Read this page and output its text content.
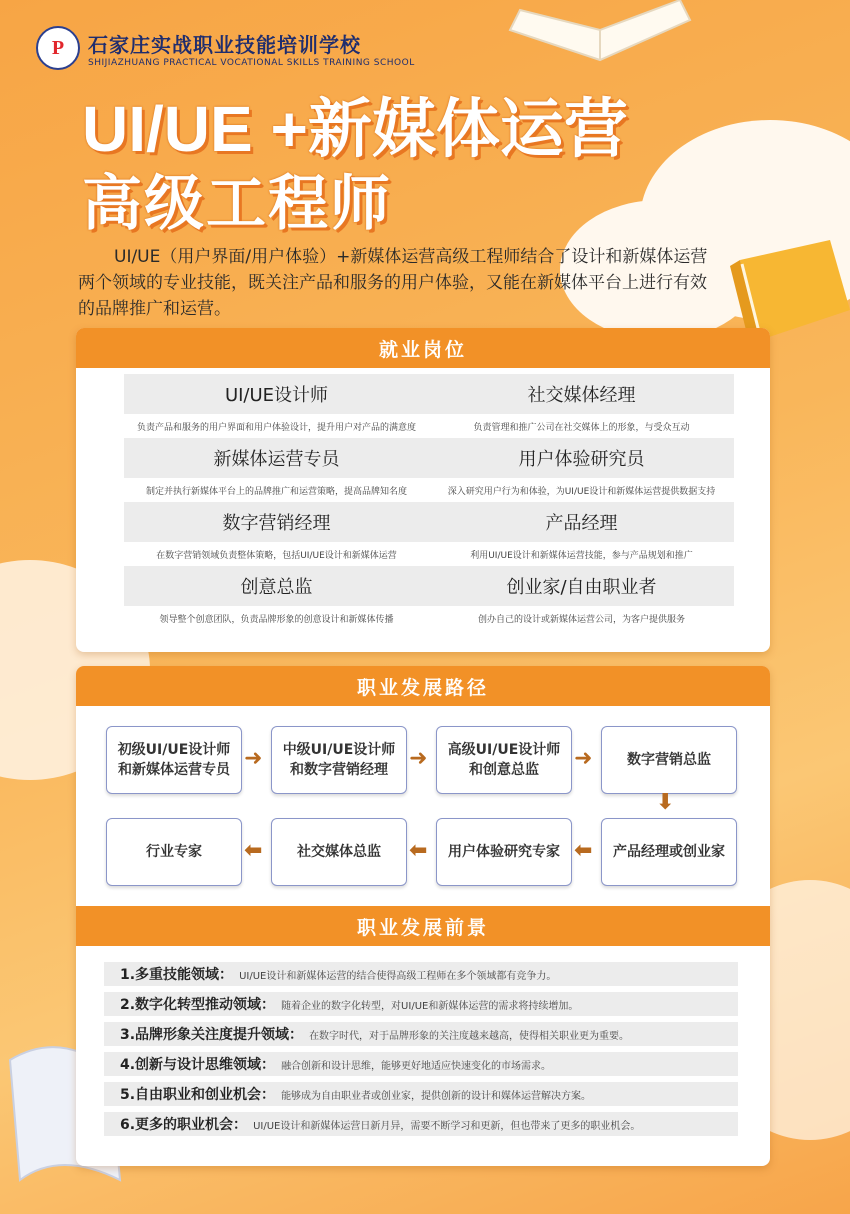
P 石家庄实战职业技能培训学校
SHIJIAZHUANG PRACTICAL VOCATIONAL SKILLS TRAINING SCHOOL
UI/UE +新媒体运营
高级工程师
UI/UE（用户界面/用户体验）+新媒体运营高级工程师结合了设计和新媒体运营两个领域的专业技能，既关注产品和服务的用户体验，又能在新媒体平台上进行有效的品牌推广和运营。
就业岗位
UI/UE设计师	社交媒体经理
负责产品和服务的用户界面和用户体验设计，提升用户对产品的满意度	负责管理和推广公司在社交媒体上的形象，与受众互动
新媒体运营专员	用户体验研究员
制定并执行新媒体平台上的品牌推广和运营策略，提高品牌知名度	深入研究用户行为和体验，为UI/UE设计和新媒体运营提供数据支持
数字营销经理	产品经理
在数字营销领域负责整体策略，包括UI/UE设计和新媒体运营	利用UI/UE设计和新媒体运营技能，参与产品规划和推广
创意总监	创业家/自由职业者
领导整个创意团队，负责品牌形象的创意设计和新媒体传播	创办自己的设计或新媒体运营公司，为客户提供服务
职业发展路径
初级UI/UE设计师
和新媒体运营专员 ➜ 中级UI/UE设计师
和数字营销经理 ➜ 高级UI/UE设计师
和创意总监	➜ 数字营销总监
⬇
产品经理或创业家
⬅
用户体验研究专家
⬅
社交媒体总监
⬅
行业专家
职业发展前景
1.多重技能领域： UI/UE设计和新媒体运营的结合使得高级工程师在多个领域都有竞争力。
2.数字化转型推动领域： 随着企业的数字化转型，对UI/UE和新媒体运营的需求将持续增加。
3.品牌形象关注度提升领域： 在数字时代，对于品牌形象的关注度越来越高，使得相关职业更为重要。
4.创新与设计思维领域： 融合创新和设计思维，能够更好地适应快速变化的市场需求。
5.自由职业和创业机会： 能够成为自由职业者或创业家，提供创新的设计和媒体运营解决方案。
6.更多的职业机会： UI/UE设计和新媒体运营日新月异，需要不断学习和更新，但也带来了更多的职业机会。
